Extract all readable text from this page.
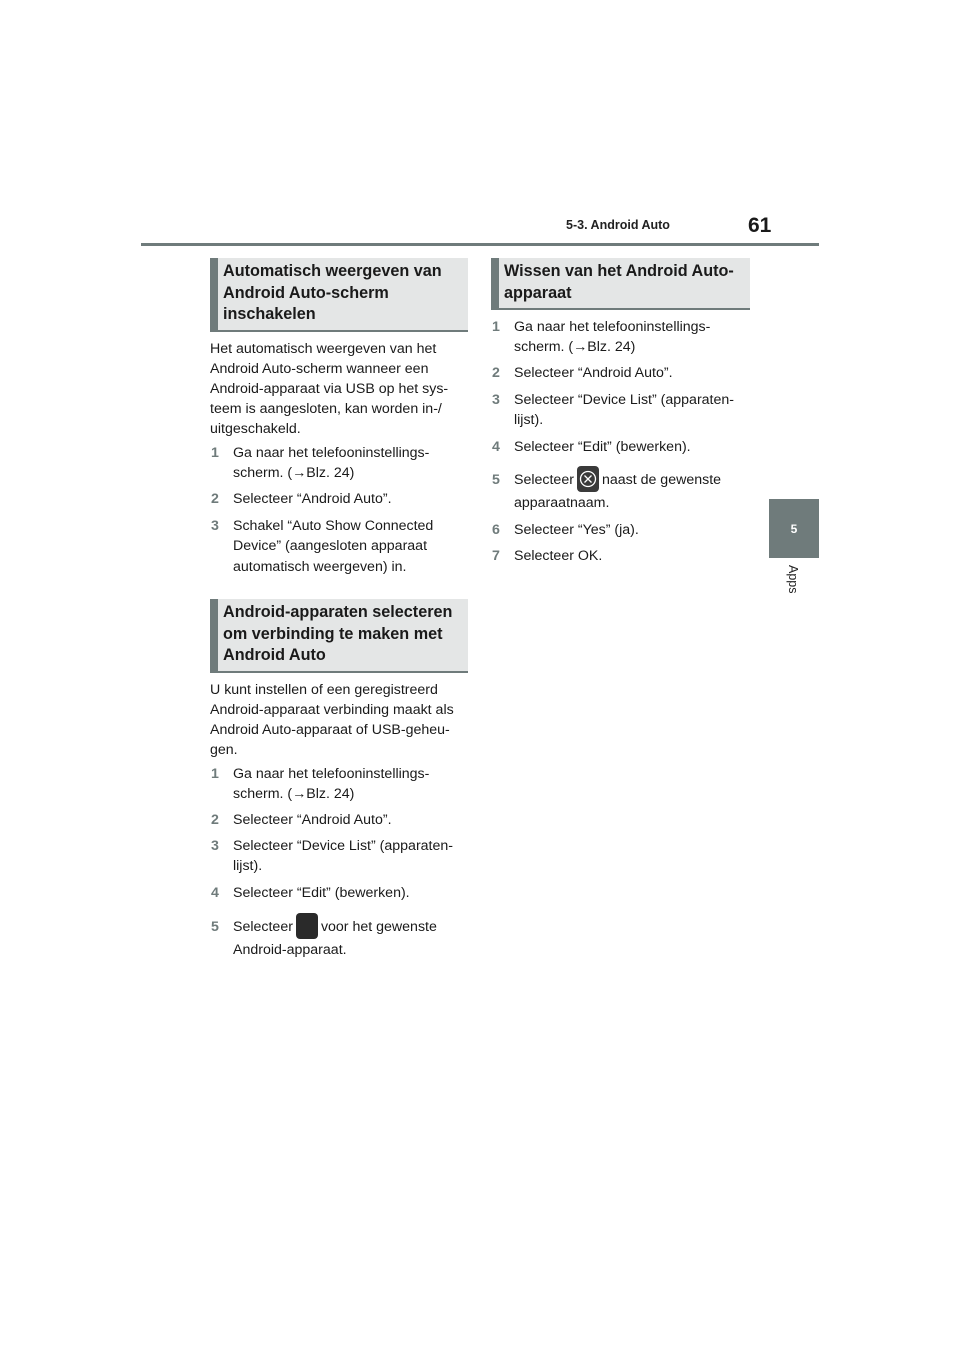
5-3. Android Auto	61
5
Apps
Automatisch weergeven van
Android Auto-scherm
inschakelen
Het automatisch weergeven van het
Android Auto-scherm wanneer een
Android-apparaat via USB op het sys-
teem is aangesloten, kan worden in-/
uitgeschakeld.
1 Ga naar het telefooninstellings-
scherm. (→Blz. 24)
2 Selecteer “Android Auto”.
3 Schakel “Auto Show Connected
Device” (aangesloten apparaat
automatisch weergeven) in.
Android-apparaten selecteren
om verbinding te maken met
Android Auto
U kunt instellen of een geregistreerd
Android-apparaat verbinding maakt als
Android Auto-apparaat of USB-geheu-
gen.
1 Ga naar het telefooninstellings-
scherm. (→Blz. 24)
2 Selecteer “Android Auto”.
3 Selecteer “Device List” (apparaten-
lijst).
4 Selecteer “Edit” (bewerken).
5 Selecteer voor het gewenste
Android-apparaat.
Wissen van het Android Auto-
apparaat
1 Ga naar het telefooninstellings-
scherm. (→Blz. 24)
2 Selecteer “Android Auto”.
3 Selecteer “Device List” (apparaten-
lijst).
4 Selecteer “Edit” (bewerken).
5 Selecteer naast de gewenste
apparaatnaam.
6 Selecteer “Yes” (ja).
7 Selecteer OK.
